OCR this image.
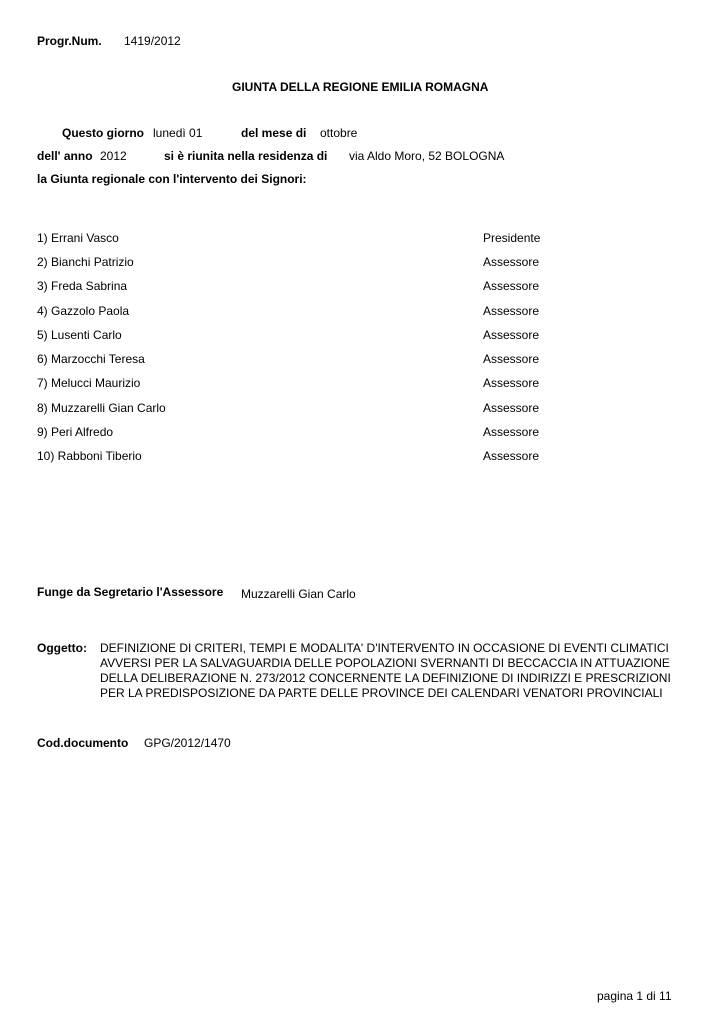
Progr.Num. 1419/2012
GIUNTA DELLA REGIONE EMILIA ROMAGNA
Questo giorno lunedì 01	del mese di ottobre
dell' anno 2012	si è riunita nella residenza di via Aldo Moro, 52 BOLOGNA
la Giunta regionale con l'intervento dei Signori:
1) Errani Vasco	Presidente
2) Bianchi Patrizio	Assessore
3) Freda Sabrina	Assessore
4) Gazzolo Paola	Assessore
5) Lusenti Carlo	Assessore
6) Marzocchi Teresa	Assessore
7) Melucci Maurizio	Assessore
8) Muzzarelli Gian Carlo	Assessore
9) Peri Alfredo	Assessore
10) Rabboni Tiberio	Assessore
Funge da Segretario l'Assessore Muzzarelli Gian Carlo
Oggetto: DEFINIZIONE DI CRITERI, TEMPI E MODALITA' D'INTERVENTO IN OCCASIONE DI EVENTI CLIMATICI
AVVERSI PER LA SALVAGUARDIA DELLE POPOLAZIONI SVERNANTI DI BECCACCIA IN ATTUAZIONE
DELLA DELIBERAZIONE N. 273/2012 CONCERNENTE LA DEFINIZIONE DI INDIRIZZI E PRESCRIZIONI
PER LA PREDISPOSIZIONE DA PARTE DELLE PROVINCE DEI CALENDARI VENATORI PROVINCIALI
Cod.documento GPG/2012/1470
pagina 1 di 11
